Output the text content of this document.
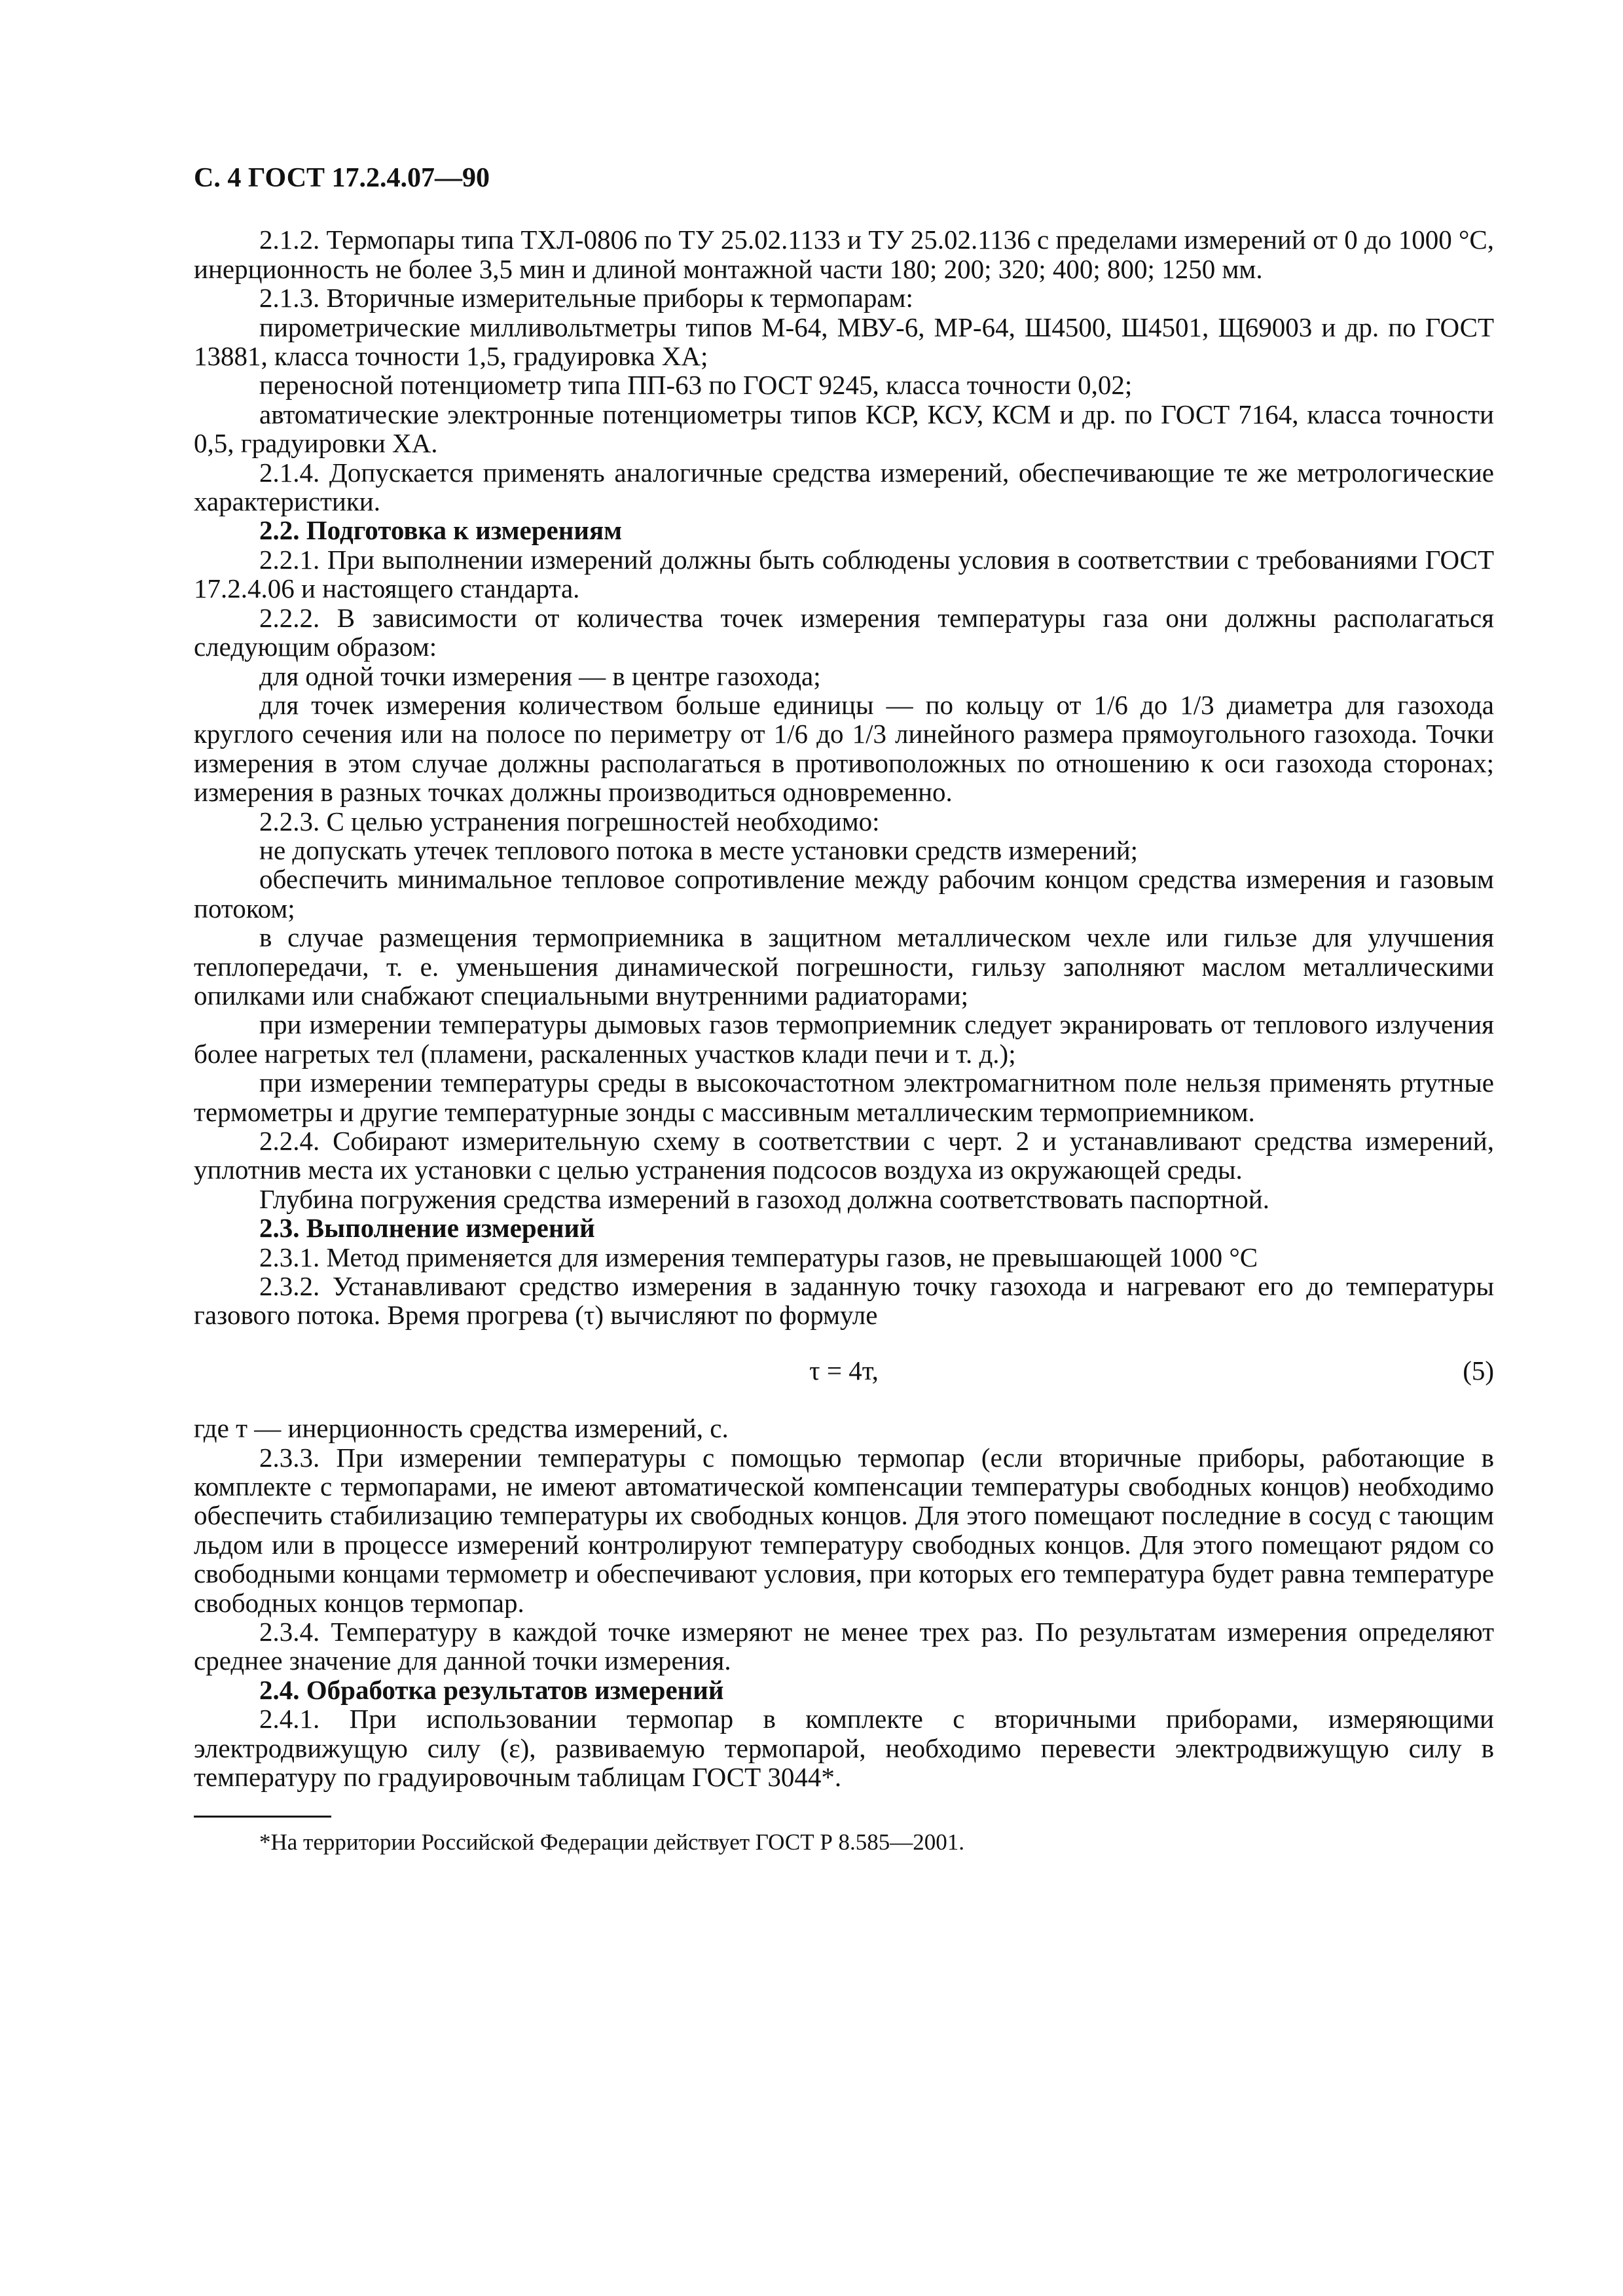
С. 4 ГОСТ 17.2.4.07—90
2.1.2. Термопары типа ТХЛ-0806 по ТУ 25.02.1133 и ТУ 25.02.1136 с пределами измерений от 0 до 1000 °С, инерционность не более 3,5 мин и длиной монтажной части 180; 200; 320; 400; 800; 1250 мм.
2.1.3. Вторичные измерительные приборы к термопарам:
пирометрические милливольтметры типов М-64, МВУ-6, МР-64, Ш4500, Ш4501, Щ69003 и др. по ГОСТ 13881, класса точности 1,5, градуировка ХА;
переносной потенциометр типа ПП-63 по ГОСТ 9245, класса точности 0,02;
автоматические электронные потенциометры типов КСР, КСУ, КСМ и др. по ГОСТ 7164, класса точности 0,5, градуировки ХА.
2.1.4. Допускается применять аналогичные средства измерений, обеспечивающие те же метрологические характеристики.
2.2. Подготовка к измерениям
2.2.1. При выполнении измерений должны быть соблюдены условия в соответствии с требованиями ГОСТ 17.2.4.06 и настоящего стандарта.
2.2.2. В зависимости от количества точек измерения температуры газа они должны располагаться следующим образом:
для одной точки измерения — в центре газохода;
для точек измерения количеством больше единицы — по кольцу от 1/6 до 1/3 диаметра для газохода круглого сечения или на полосе по периметру от 1/6 до 1/3 линейного размера прямоугольного газохода. Точки измерения в этом случае должны располагаться в противоположных по отношению к оси газохода сторонах; измерения в разных точках должны производиться одновременно.
2.2.3. С целью устранения погрешностей необходимо:
не допускать утечек теплового потока в месте установки средств измерений;
обеспечить минимальное тепловое сопротивление между рабочим концом средства измерения и газовым потоком;
в случае размещения термоприемника в защитном металлическом чехле или гильзе для улучшения теплопередачи, т. е. уменьшения динамической погрешности, гильзу заполняют маслом металлическими опилками или снабжают специальными внутренними радиаторами;
при измерении температуры дымовых газов термоприемник следует экранировать от теплового излучения более нагретых тел (пламени, раскаленных участков клади печи и т. д.);
при измерении температуры среды в высокочастотном электромагнитном поле нельзя применять ртутные термометры и другие температурные зонды с массивным металлическим термоприемником.
2.2.4. Собирают измерительную схему в соответствии с черт. 2 и устанавливают средства измерений, уплотнив места их установки с целью устранения подсосов воздуха из окружающей среды.
Глубина погружения средства измерений в газоход должна соответствовать паспортной.
2.3. Выполнение измерений
2.3.1. Метод применяется для измерения температуры газов, не превышающей 1000 °С
2.3.2. Устанавливают средство измерения в заданную точку газохода и нагревают его до температуры газового потока. Время прогрева (τ) вычисляют по формуле
τ = 4т,	(5)
где т — инерционность средства измерений, с.
2.3.3. При измерении температуры с помощью термопар (если вторичные приборы, работающие в комплекте с термопарами, не имеют автоматической компенсации температуры свободных концов) необходимо обеспечить стабилизацию температуры их свободных концов. Для этого помещают последние в сосуд с тающим льдом или в процессе измерений контролируют температуру свободных концов. Для этого помещают рядом со свободными концами термометр и обеспечивают условия, при которых его температура будет равна температуре свободных концов термопар.
2.3.4. Температуру в каждой точке измеряют не менее трех раз. По результатам измерения определяют среднее значение для данной точки измерения.
2.4. Обработка результатов измерений
2.4.1. При использовании термопар в комплекте с вторичными приборами, измеряющими электродвижущую силу (ε), развиваемую термопарой, необходимо перевести электродвижущую силу в температуру по градуировочным таблицам ГОСТ 3044*.
*На территории Российской Федерации действует ГОСТ Р 8.585—2001.
